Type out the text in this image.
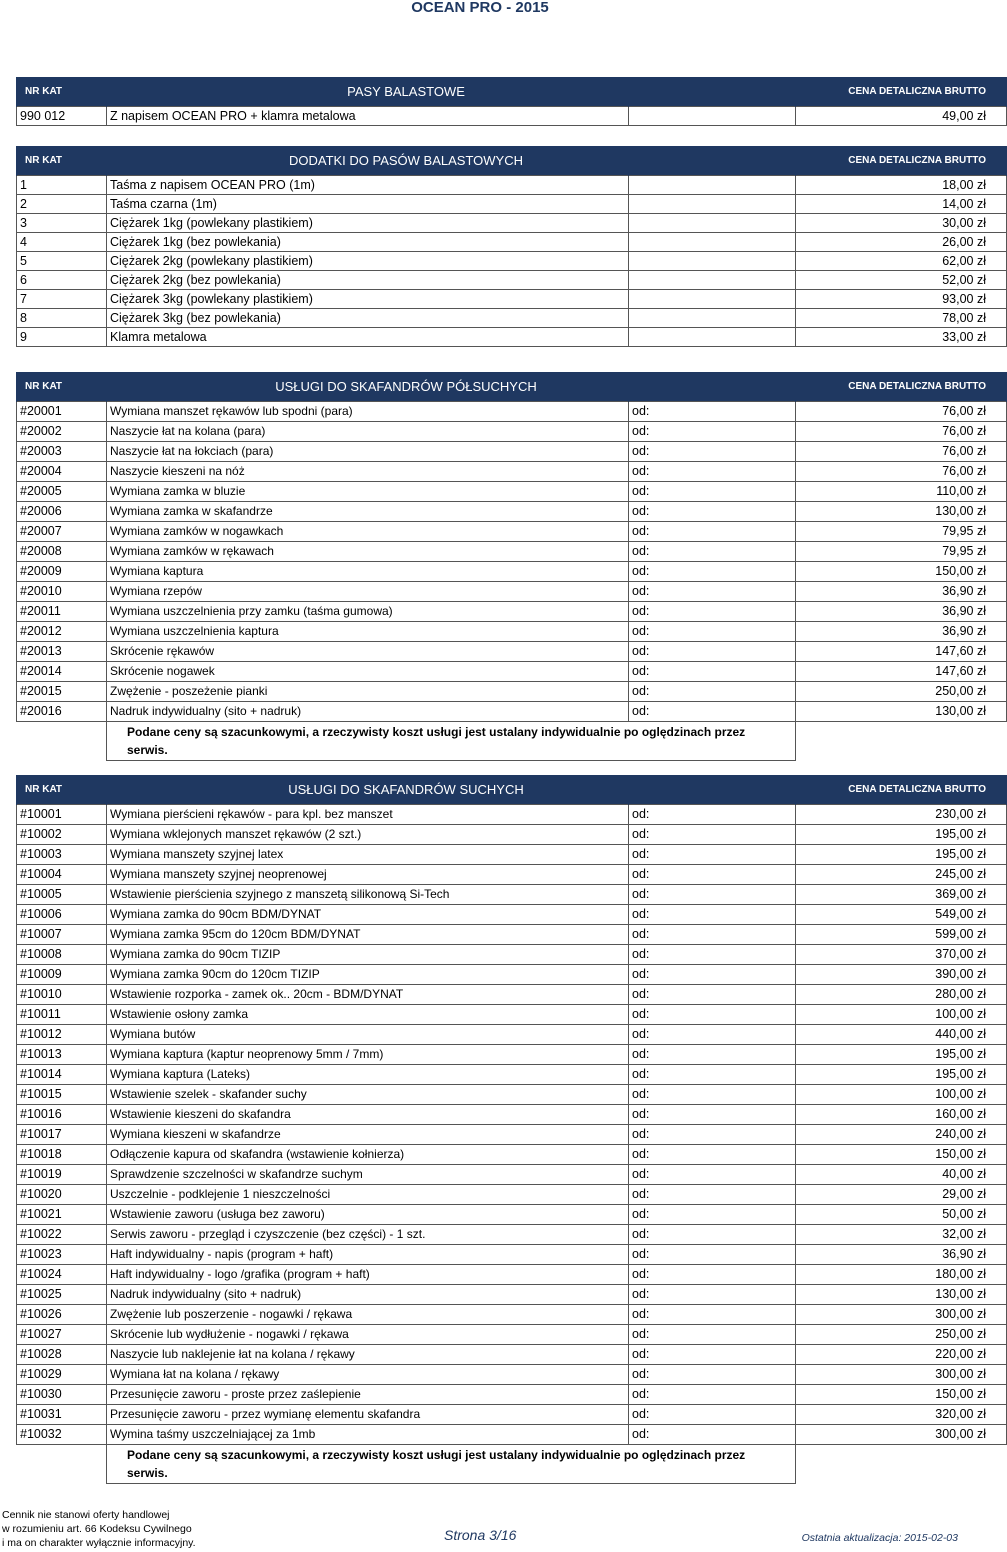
OCEAN PRO - 2015
NR KAT	PASY BALASTOWE		CENA DETALICZNA BRUTTO
990 012	Z napisem OCEAN PRO + klamra metalowa		49,00 zł
NR KAT	DODATKI DO PASÓW BALASTOWYCH		CENA DETALICZNA BRUTTO
1	Taśma z napisem OCEAN PRO (1m)		18,00 zł
2	Taśma czarna (1m)		14,00 zł
3	Ciężarek 1kg (powlekany plastikiem)		30,00 zł
4	Ciężarek 1kg (bez powlekania)		26,00 zł
5	Ciężarek 2kg (powlekany plastikiem)		62,00 zł
6	Ciężarek 2kg (bez powlekania)		52,00 zł
7	Ciężarek 3kg (powlekany plastikiem)		93,00 zł
8	Ciężarek 3kg (bez powlekania)		78,00 zł
9	Klamra metalowa		33,00 zł
NR KAT	USŁUGI DO SKAFANDRÓW PÓŁSUCHYCH		CENA DETALICZNA BRUTTO
#20001	Wymiana manszet rękawów lub spodni (para)	od:	76,00 zł
#20002	Naszycie łat na kolana (para)	od:	76,00 zł
#20003	Naszycie łat na łokciach (para)	od:	76,00 zł
#20004	Naszycie kieszeni na nóż	od:	76,00 zł
#20005	Wymiana zamka w bluzie	od:	110,00 zł
#20006	Wymiana zamka w skafandrze	od:	130,00 zł
#20007	Wymiana zamków w nogawkach	od:	79,95 zł
#20008	Wymiana zamków w rękawach	od:	79,95 zł
#20009	Wymiana kaptura	od:	150,00 zł
#20010	Wymiana rzepów	od:	36,90 zł
#20011	Wymiana uszczelnienia przy zamku (taśma gumowa)	od:	36,90 zł
#20012	Wymiana uszczelnienia kaptura	od:	36,90 zł
#20013	Skrócenie rękawów	od:	147,60 zł
#20014	Skrócenie nogawek	od:	147,60 zł
#20015	Zwężenie - poszeżenie pianki	od:	250,00 zł
#20016	Nadruk indywidualny (sito + nadruk)	od:	130,00 zł
	Podane ceny są szacunkowymi, a rzeczywisty koszt usługi jest ustalany indywidualnie po oględzinach przez serwis.		
NR KAT	USŁUGI DO SKAFANDRÓW SUCHYCH		CENA DETALICZNA BRUTTO
#10001	Wymiana pierścieni rękawów - para kpl. bez manszet	od:	230,00 zł
#10002	Wymiana wklejonych manszet rękawów (2 szt.)	od:	195,00 zł
#10003	Wymiana manszety szyjnej latex	od:	195,00 zł
#10004	Wymiana manszety szyjnej neoprenowej	od:	245,00 zł
#10005	Wstawienie pierścienia szyjnego z manszetą silikonową Si-Tech	od:	369,00 zł
#10006	Wymiana zamka do 90cm BDM/DYNAT	od:	549,00 zł
#10007	Wymiana zamka 95cm do 120cm BDM/DYNAT	od:	599,00 zł
#10008	Wymiana zamka do 90cm TIZIP	od:	370,00 zł
#10009	Wymiana zamka 90cm do 120cm TIZIP	od:	390,00 zł
#10010	Wstawienie rozporka - zamek ok.. 20cm - BDM/DYNAT	od:	280,00 zł
#10011	Wstawienie osłony zamka	od:	100,00 zł
#10012	Wymiana butów	od:	440,00 zł
#10013	Wymiana kaptura (kaptur neoprenowy 5mm / 7mm)	od:	195,00 zł
#10014	Wymiana kaptura (Lateks)	od:	195,00 zł
#10015	Wstawienie szelek - skafander suchy	od:	100,00 zł
#10016	Wstawienie kieszeni do skafandra	od:	160,00 zł
#10017	Wymiana kieszeni w skafandrze	od:	240,00 zł
#10018	Odłączenie kapura od skafandra (wstawienie kołnierza)	od:	150,00 zł
#10019	Sprawdzenie szczelności w skafandrze suchym	od:	40,00 zł
#10020	Uszczelnie - podklejenie 1 nieszczelności	od:	29,00 zł
#10021	Wstawienie zaworu (usługa bez zaworu)	od:	50,00 zł
#10022	Serwis zaworu - przegląd i czyszczenie (bez części) - 1 szt.	od:	32,00 zł
#10023	Haft indywidualny - napis (program + haft)	od:	36,90 zł
#10024	Haft indywidualny - logo /grafika (program + haft)	od:	180,00 zł
#10025	Nadruk indywidualny (sito + nadruk)	od:	130,00 zł
#10026	Zwężenie lub poszerzenie - nogawki / rękawa	od:	300,00 zł
#10027	Skrócenie lub wydłużenie - nogawki / rękawa	od:	250,00 zł
#10028	Naszycie lub naklejenie łat na kolana / rękawy	od:	220,00 zł
#10029	Wymiana łat na kolana / rękawy	od:	300,00 zł
#10030	Przesunięcie zaworu - proste przez zaślepienie	od:	150,00 zł
#10031	Przesunięcie zaworu - przez wymianę elementu skafandra	od:	320,00 zł
#10032	Wymina taśmy uszczelniającej za 1mb	od:	300,00 zł
	Podane ceny są szacunkowymi, a rzeczywisty koszt usługi jest ustalany indywidualnie po oględzinach przez serwis.		
Cennik nie stanowi oferty handlowej
w rozumieniu art. 66 Kodeksu Cywilnego
i ma on charakter wyłącznie informacyjny.	Strona 3/16	Ostatnia aktualizacja: 2015-02-03
